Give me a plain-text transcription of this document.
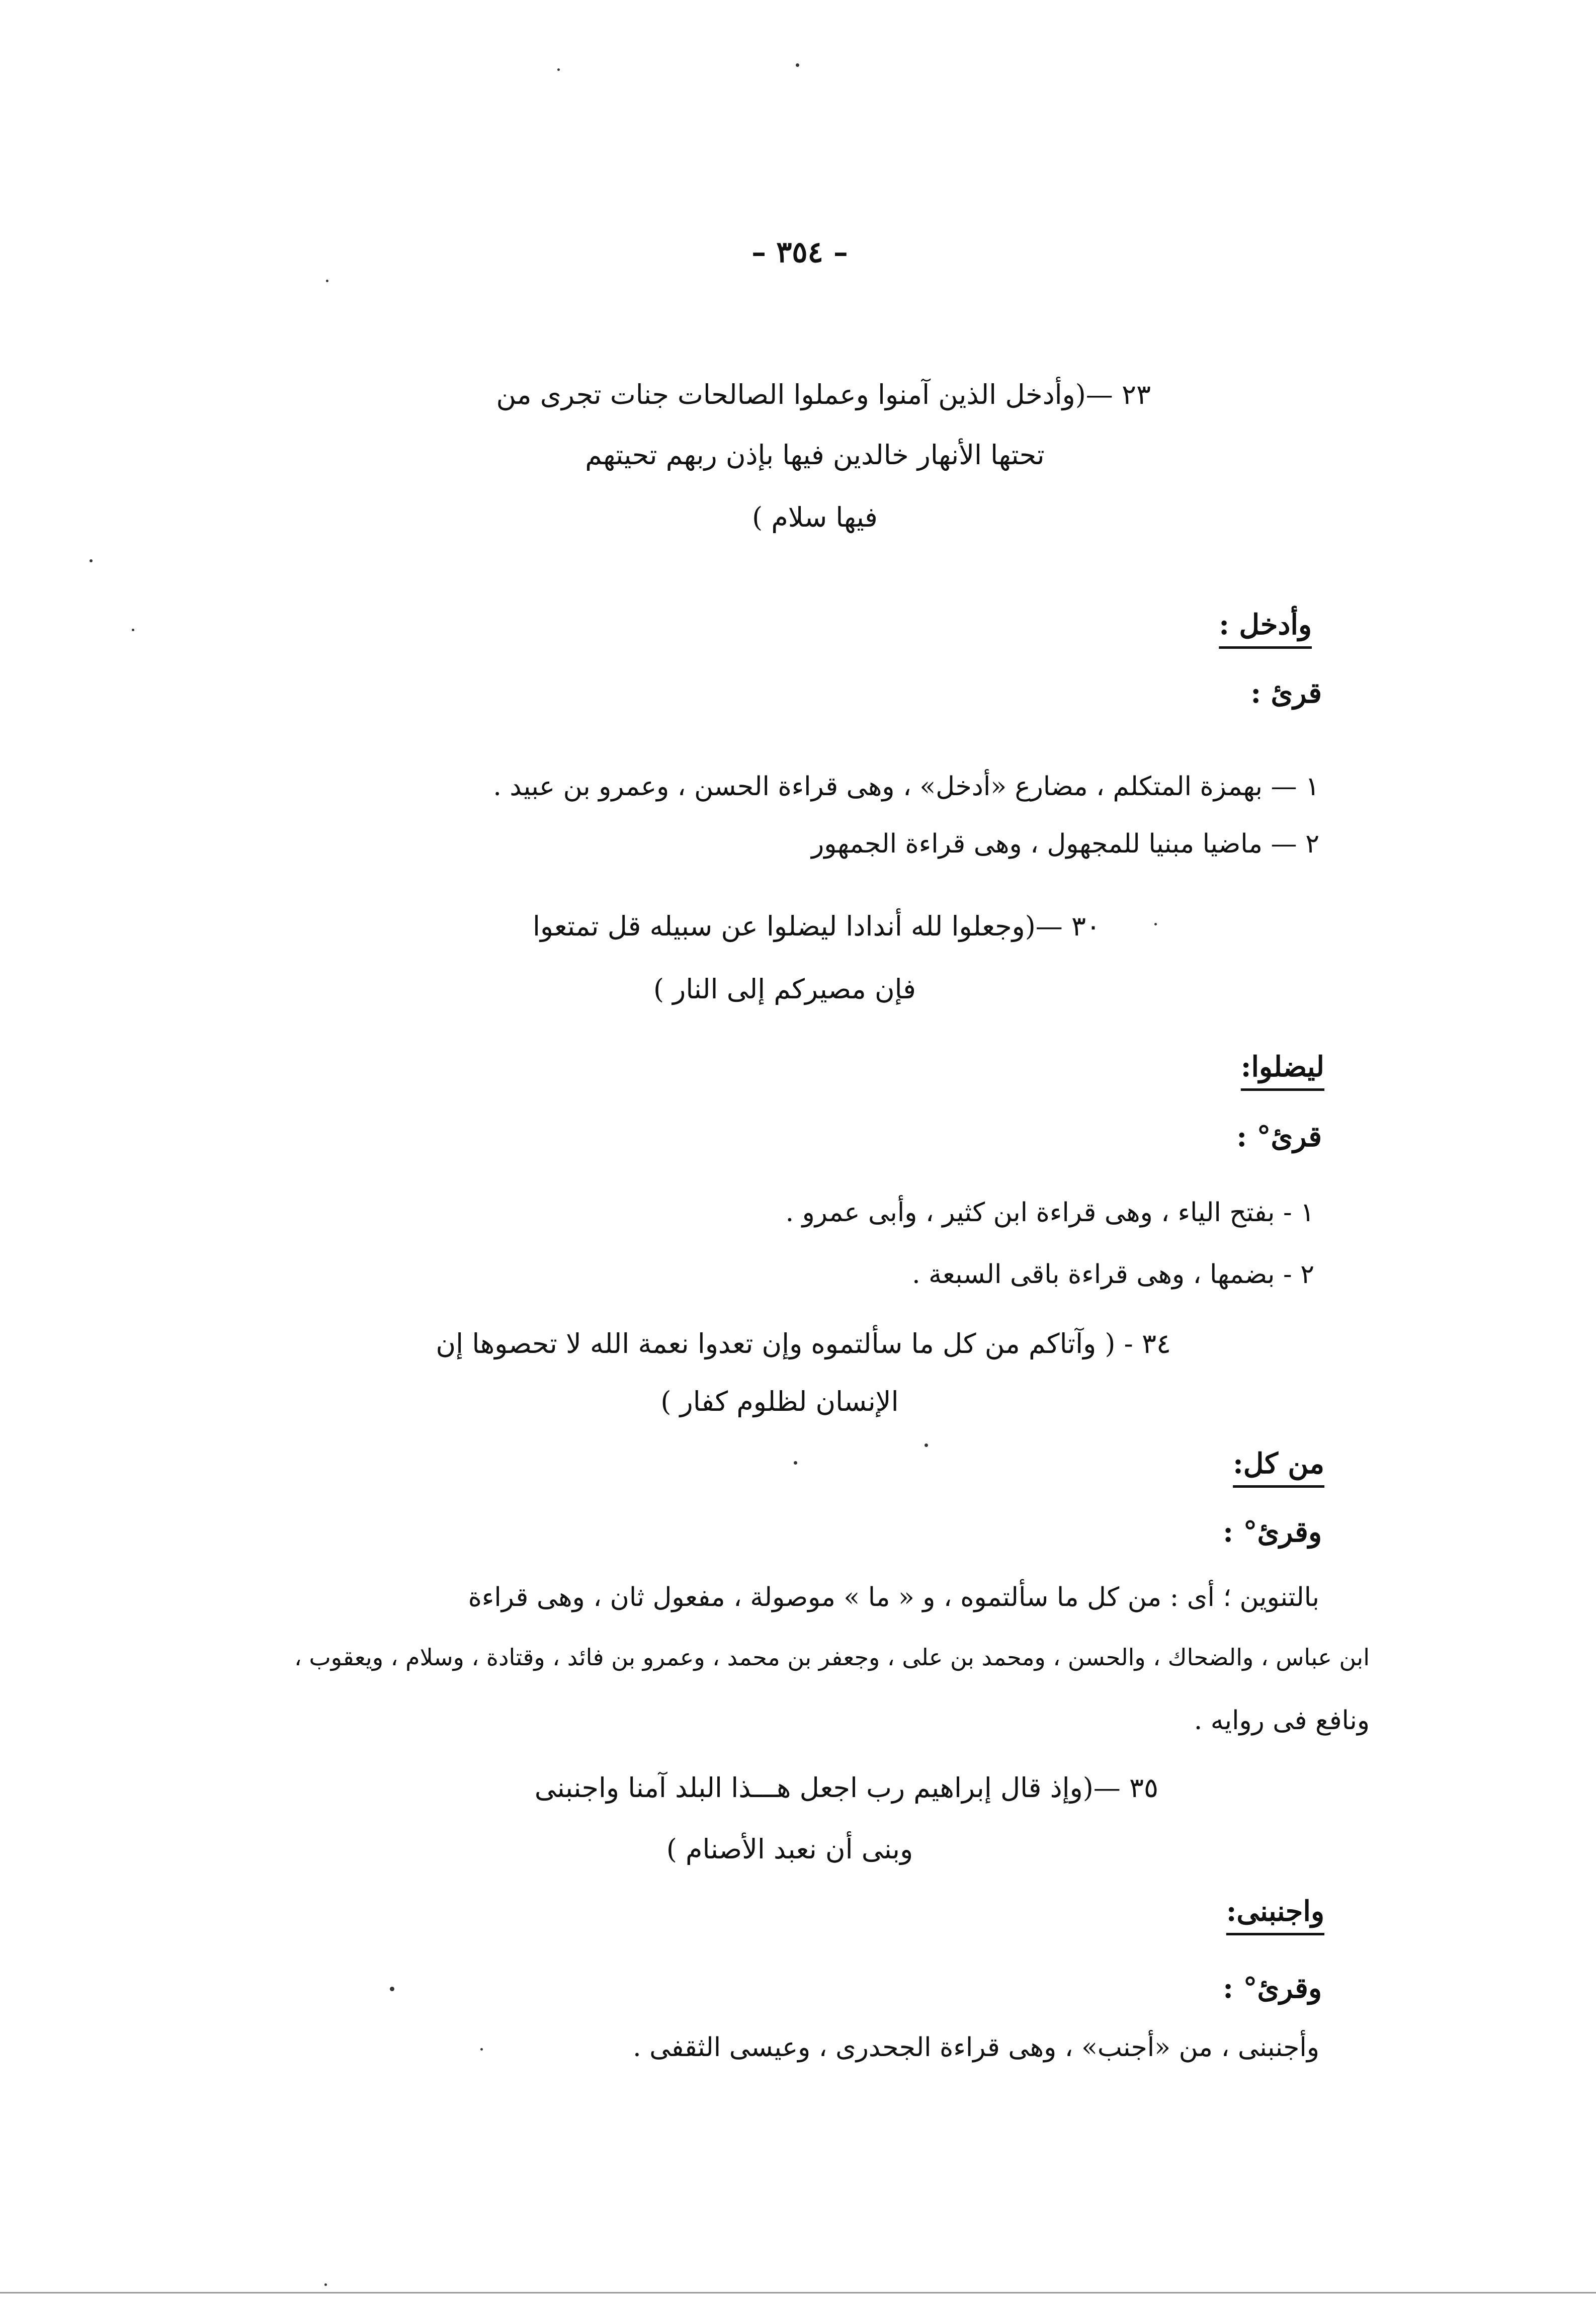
– ٣٥٤ –
٢٣ —(وأدخل الذين آمنوا وعملوا الصالحات جنات تجرى من
تحتها الأنهار خالدين فيها بإذن ربهم تحيتهم
فيها سلام )
وأدخل :
قرئ :
١ — بهمزة المتكلم ، مضارع «أدخل» ، وهى قراءة الحسن ، وعمرو بن عبيد .
٢ — ماضيا مبنيا للمجهول ، وهى قراءة الجمهور
٣٠ —(وجعلوا لله أندادا ليضلوا عن سبيله قل تمتعوا
فإن مصيركم إلى النار )
ليضلوا:
قرئ° :
١ - بفتح الياء ، وهى قراءة ابن كثير ، وأبى عمرو .
٢ - بضمها ، وهى قراءة باقى السبعة .
٣٤ - ( وآتاكم من كل ما سألتموه وإن تعدوا نعمة الله لا تحصوها إن
الإنسان لظلوم كفار )
من كل:
وقرئ° :
بالتنوين ؛ أى : من كل ما سألتموه ، و « ما » موصولة ، مفعول ثان ، وهى قراءة
ابن عباس ، والضحاك ، والحسن ، ومحمد بن على ، وجعفر بن محمد ، وعمرو بن فائد ، وقتادة ، وسلام ، ويعقوب ،
ونافع فى روايه .
٣٥ —(وإذ قال إبراهيم رب اجعل هـــذا البلد آمنا واجنبنى
وبنى أن نعبد الأصنام )
واجنبنى:
وقرئ° :
وأجنبنى ، من «أجنب» ، وهى قراءة الجحدرى ، وعيسى الثقفى .
